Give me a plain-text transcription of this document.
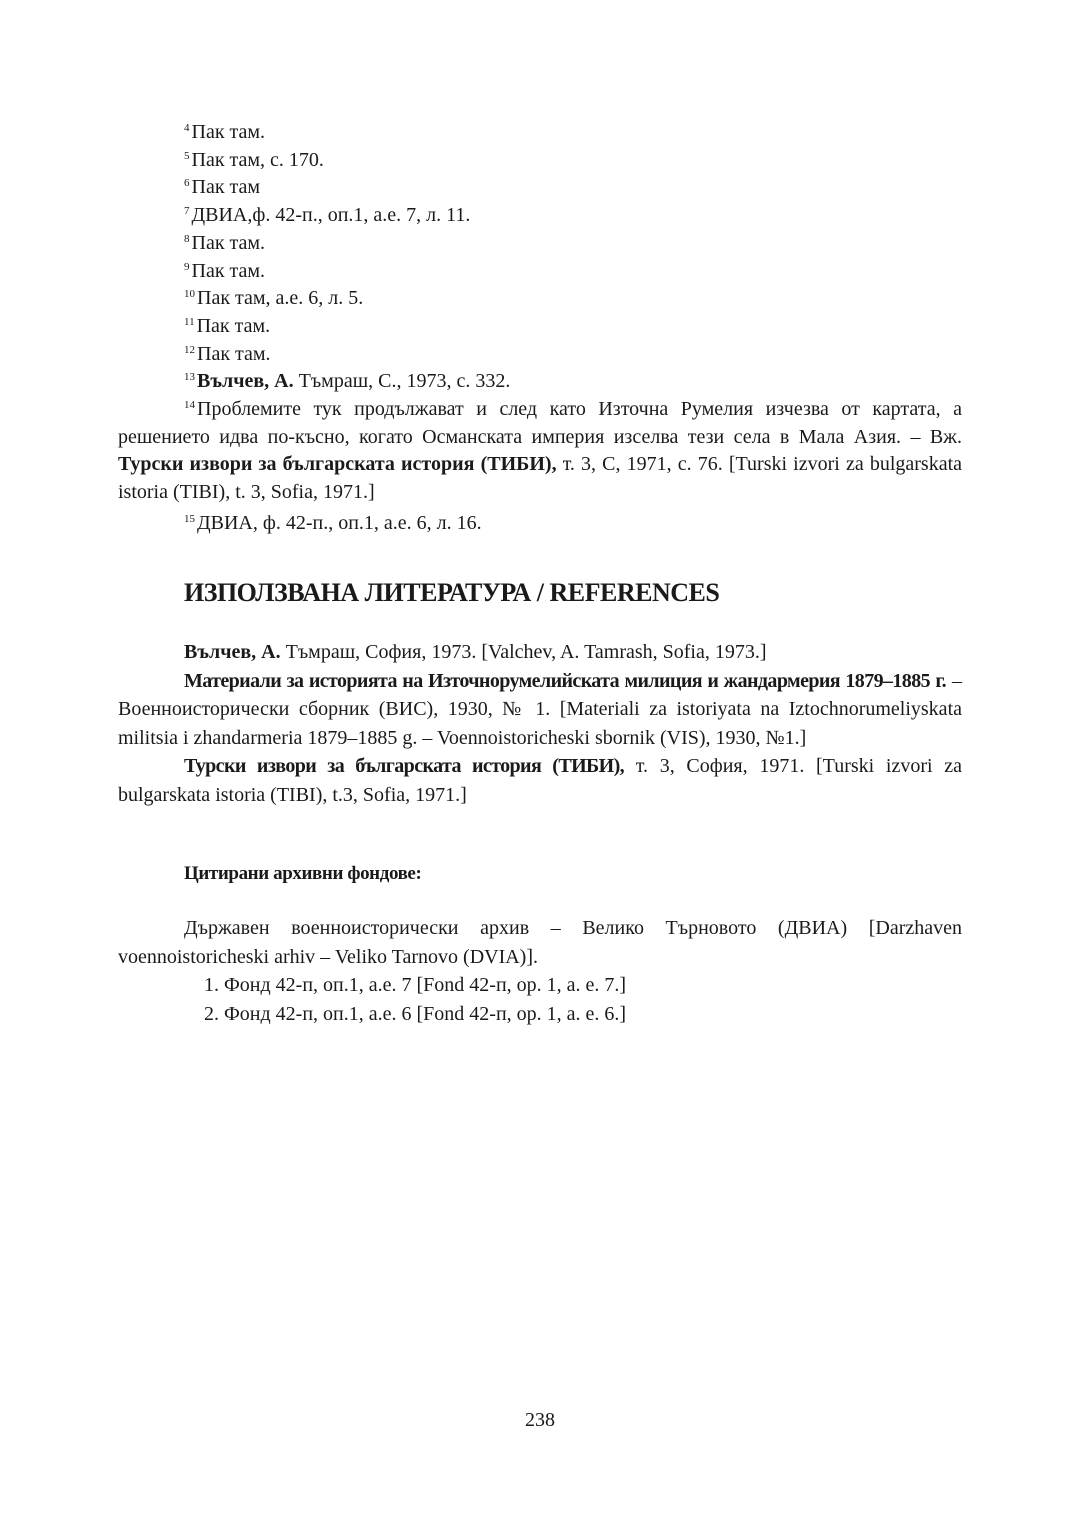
$^4$ Пак там.
$^5$ Пак там, с. 170.
$^6$ Пак там
$^7$ ДВИА,ф. 42-п., оп.1, а.е. 7, л. 11.
$^8$ Пак там.
$^9$ Пак там.
$^{10}$ Пак там, а.е. 6, л. 5.
$^{11}$ Пак там.
$^{12}$ Пак там.
$^{13}$ Вълчев, А. Тъмраш, С., 1973, с. 332.
$^{14}$ Проблемите тук продължават и след като Източна Румелия изчезва от картата, а решението идва по-късно, когато Османската империя изселва тези села в Мала Азия. – Вж. Турски извори за българската история (ТИБИ), т. 3, С, 1971, с. 76. [Turski izvori za bulgarskata istoria (TIBI), t. 3, Sofia, 1971.]
$^{15}$ ДВИА, ф. 42-п., оп.1, а.е. 6, л. 16.
ИЗПОЛЗВАНА ЛИТЕРАТУРА / REFERENCES
Вълчев, А. Тъмраш, София, 1973. [Valchev, A. Tamrash, Sofia, 1973.]
Материали за историята на Източнорумелийската милиция и жандармерия 1879–1885 г. –Военноисторически сборник (ВИС), 1930, № 1. [Materiali za istoriyata na Iztochnorumeliyskata militsia i zhandarmeria 1879–1885 g. – Voennoistoricheski sbornik (VIS), 1930, №1.]
Турски извори за българската история (ТИБИ), т. 3, София, 1971. [Turski izvori za bulgarskata istoria (TIBI), t.3, Sofia, 1971.]
Цитирани архивни фондове:
Държавен военноисторически архив – Велико Търновото (ДВИА) [Darzhaven voennoistoricheski arhiv – Veliko Tarnovo (DVIA)].
1. Фонд 42-п, оп.1, а.е. 7 [Fond 42-п, op. 1, a. e. 7.]
2. Фонд 42-п, оп.1, а.е. 6 [Fond 42-п, op. 1, a. e. 6.]
238
